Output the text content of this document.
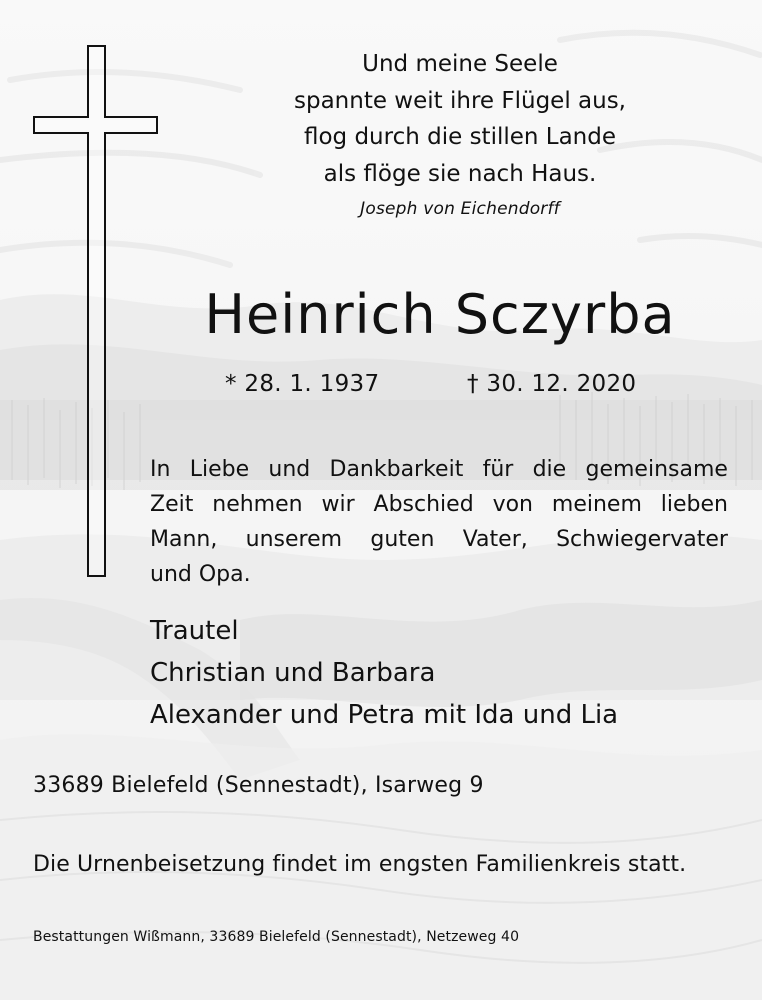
Und meine Seele
spannte weit ihre Flügel aus,
flog durch die stillen Lande
als flöge sie nach Haus.
Joseph von Eichendorff
Heinrich Sczyrba
* 28. 1. 1937	† 30. 12. 2020
In Liebe und Dankbarkeit für die gemeinsame
Zeit nehmen wir Abschied von meinem lieben
Mann, unserem guten Vater, Schwiegervater
und Opa.
Trautel
Christian und Barbara
Alexander und Petra mit Ida und Lia
33689 Bielefeld (Sennestadt), Isarweg 9
Die Urnenbeisetzung findet im engsten Familienkreis statt.
Bestattungen Wißmann, 33689 Bielefeld (Sennestadt), Netzeweg 40
